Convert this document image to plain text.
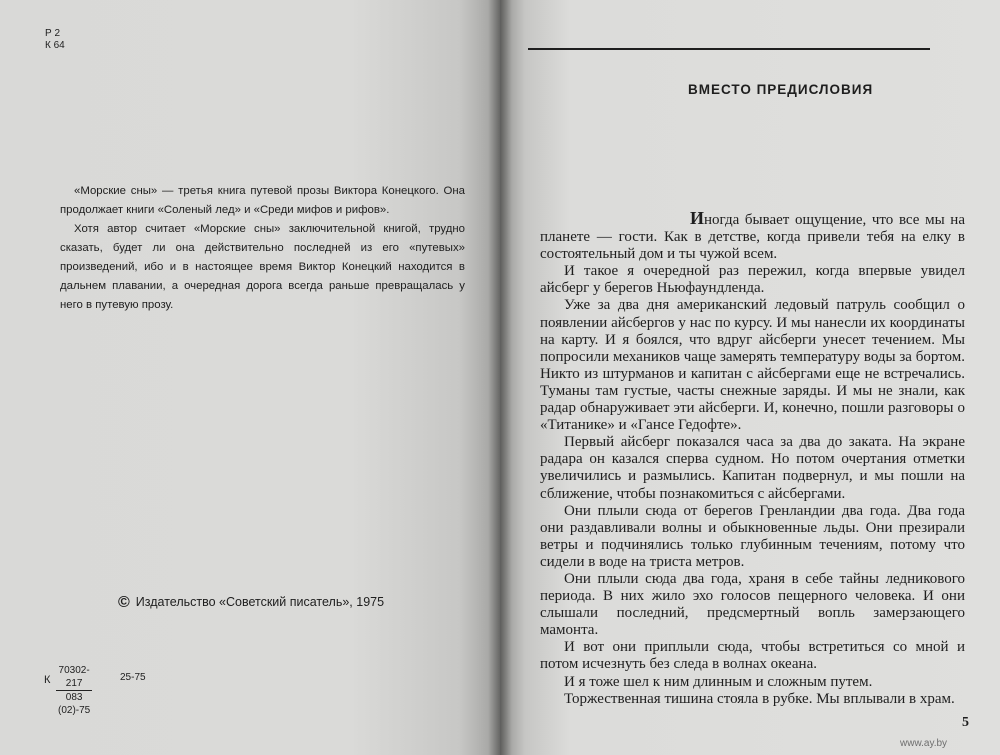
Р 2
К 64

«Морские сны» — третья книга путевой прозы Виктора Конецкого. Она продолжает книги «Соленый лед» и «Среди мифов и рифов».

Хотя автор считает «Морские сны» заключительной книгой, трудно сказать, будет ли она действительно последней из его «путевых» произведений, ибо и в настоящее время Виктор Конецкий находится в дальнем плавании, а очередная дорога всегда раньше превращалась у него в путевую прозу.

© Издательство «Советский писатель», 1975
К $\frac{70302-217}{083 (02)-75}$	25-75
ВМЕСТО ПРЕДИСЛОВИЯ

Иногда бывает ощущение, что все мы на планете — гости. Как в детстве, когда привели тебя на елку в состоятельный дом и ты чужой всем.

И такое я очередной раз пережил, когда впервые увидел айсберг у берегов Ньюфаундленда.

Уже за два дня американский ледовый патруль сообщил о появлении айсбергов у нас по курсу. И мы нанесли их координаты на карту. И я боялся, что вдруг айсберги унесет течением. Мы попросили механиков чаще замерять температуру воды за бортом. Никто из штурманов и капитан с айсбергами еще не встречались. Туманы там густые, часты снежные заряды. И мы не знали, как радар обнаруживает эти айсберги. И, конечно, пошли разговоры о «Титанике» и «Гансе Гедофте».

Первый айсберг показался часа за два до заката. На экране радара он казался сперва судном. Но потом очертания отметки увеличились и размылись. Капитан подвернул, и мы пошли на сближение, чтобы познакомиться с айсбергами.

Они плыли сюда от берегов Гренландии два года. Два года они раздавливали волны и обыкновенные льды. Они презирали ветры и подчинялись только глубинным течениям, потому что сидели в воде на триста метров.

Они плыли сюда два года, храня в себе тайны ледникового периода. В них жило эхо голосов пещерного человека. И они слышали последний, предсмертный вопль замерзающего мамонта.

И вот они приплыли сюда, чтобы встретиться со мной и потом исчезнуть без следа в волнах океана.

И я тоже шел к ним длинным и сложным путем.

Торжественная тишина стояла в рубке. Мы вплывали в храм.

5
www.ay.by
